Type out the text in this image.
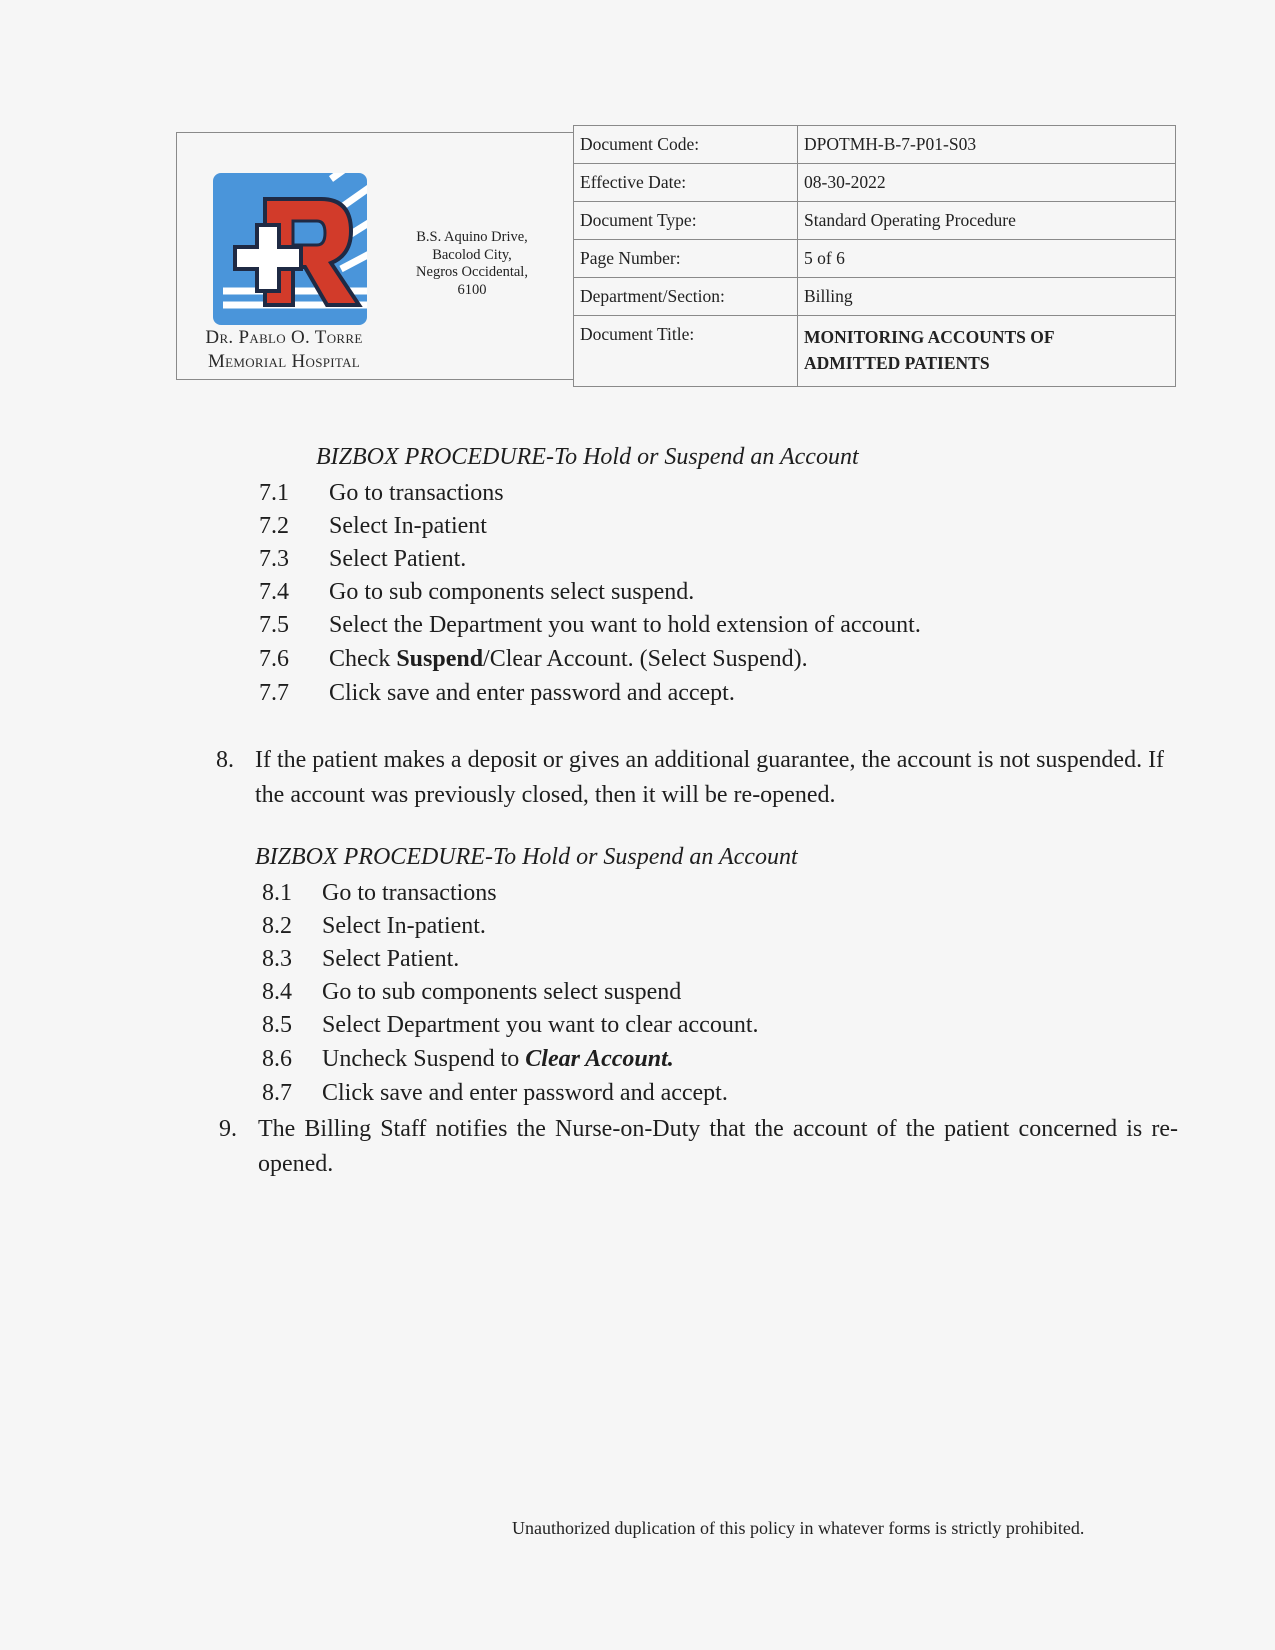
Dr. Pablo O. Torre
Memorial Hospital
B.S. Aquino Drive,
Bacolod City,
Negros Occidental,
6100
Document Code:	DPOTMH-B-7-P01-S03
Effective Date:	08-30-2022
Document Type:	Standard Operating Procedure
Page Number:	5 of 6
Department/Section:	Billing
Document Title:	MONITORING ACCOUNTS OF
ADMITTED PATIENTS
BIZBOX PROCEDURE-To Hold or Suspend an Account
7.1 Go to transactions
7.2 Select In-patient
7.3 Select Patient.
7.4 Go to sub components select suspend.
7.5 Select the Department you want to hold extension of account.
7.6 Check Suspend/Clear Account. (Select Suspend).
7.7 Click save and enter password and accept.
8. If the patient makes a deposit or gives an additional guarantee, the account is not suspended. If the account was previously closed, then it will be re-opened.
BIZBOX PROCEDURE-To Hold or Suspend an Account
8.1 Go to transactions
8.2 Select In-patient.
8.3 Select Patient.
8.4 Go to sub components select suspend
8.5 Select Department you want to clear account.
8.6 Uncheck Suspend to Clear Account.
8.7 Click save and enter password and accept.
9. The Billing Staff notifies the Nurse-on-Duty that the account of the patient concerned is re-opened.
Unauthorized duplication of this policy in whatever forms is strictly prohibited.
